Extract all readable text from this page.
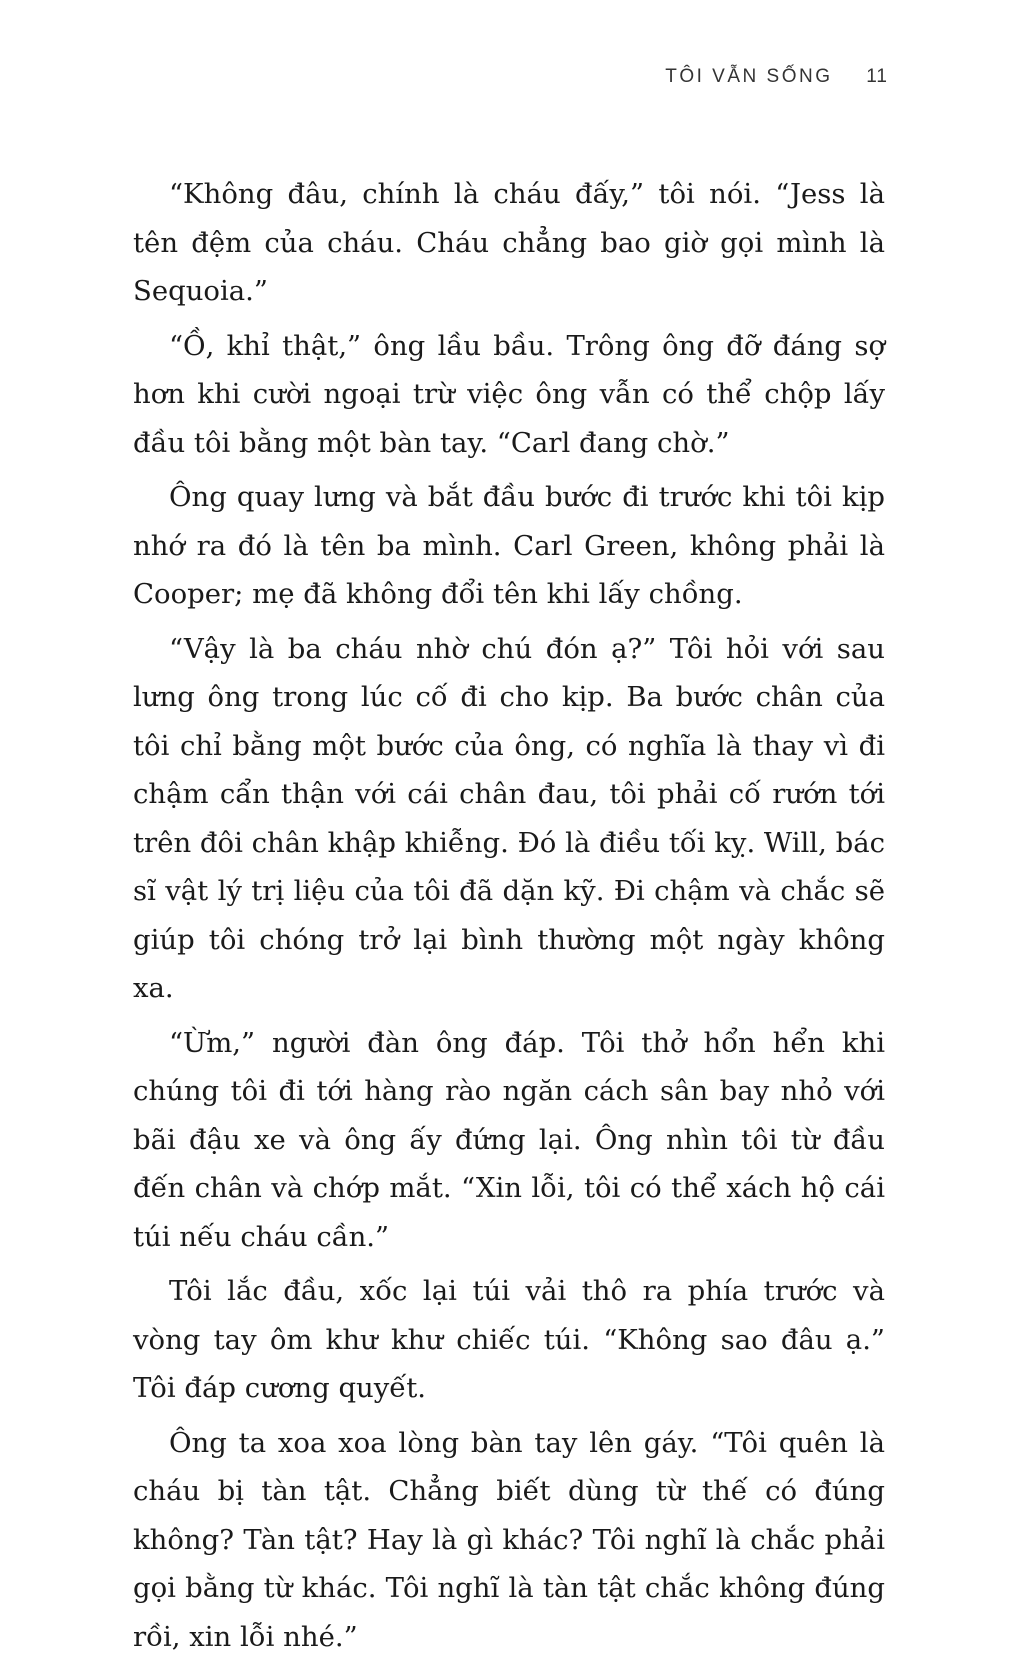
TÔI VẪN SỐNG 11

“Không đâu, chính là cháu đấy,” tôi nói. “Jess là tên đệm của cháu. Cháu chẳng bao giờ gọi mình là Sequoia.”

“Ồ, khỉ thật,” ông lầu bầu. Trông ông đỡ đáng sợ hơn khi cười ngoại trừ việc ông vẫn có thể chộp lấy đầu tôi bằng một bàn tay. “Carl đang chờ.”

Ông quay lưng và bắt đầu bước đi trước khi tôi kịp nhớ ra đó là tên ba mình. Carl Green, không phải là Cooper; mẹ đã không đổi tên khi lấy chồng.

“Vậy là ba cháu nhờ chú đón ạ?” Tôi hỏi với sau lưng ông trong lúc cố đi cho kịp. Ba bước chân của tôi chỉ bằng một bước của ông, có nghĩa là thay vì đi chậm cẩn thận với cái chân đau, tôi phải cố rướn tới trên đôi chân khập khiễng. Đó là điều tối kỵ. Will, bác sĩ vật lý trị liệu của tôi đã dặn kỹ. Đi chậm và chắc sẽ giúp tôi chóng trở lại bình thường một ngày không xa.

“Ừm,” người đàn ông đáp. Tôi thở hổn hển khi chúng tôi đi tới hàng rào ngăn cách sân bay nhỏ với bãi đậu xe và ông ấy đứng lại. Ông nhìn tôi từ đầu đến chân và chớp mắt. “Xin lỗi, tôi có thể xách hộ cái túi nếu cháu cần.”

Tôi lắc đầu, xốc lại túi vải thô ra phía trước và vòng tay ôm khư khư chiếc túi. “Không sao đâu ạ.” Tôi đáp cương quyết.

Ông ta xoa xoa lòng bàn tay lên gáy. “Tôi quên là cháu bị tàn tật. Chẳng biết dùng từ thế có đúng không? Tàn tật? Hay là gì khác? Tôi nghĩ là chắc phải gọi bằng từ khác. Tôi nghĩ là tàn tật chắc không đúng rồi, xin lỗi nhé.”
